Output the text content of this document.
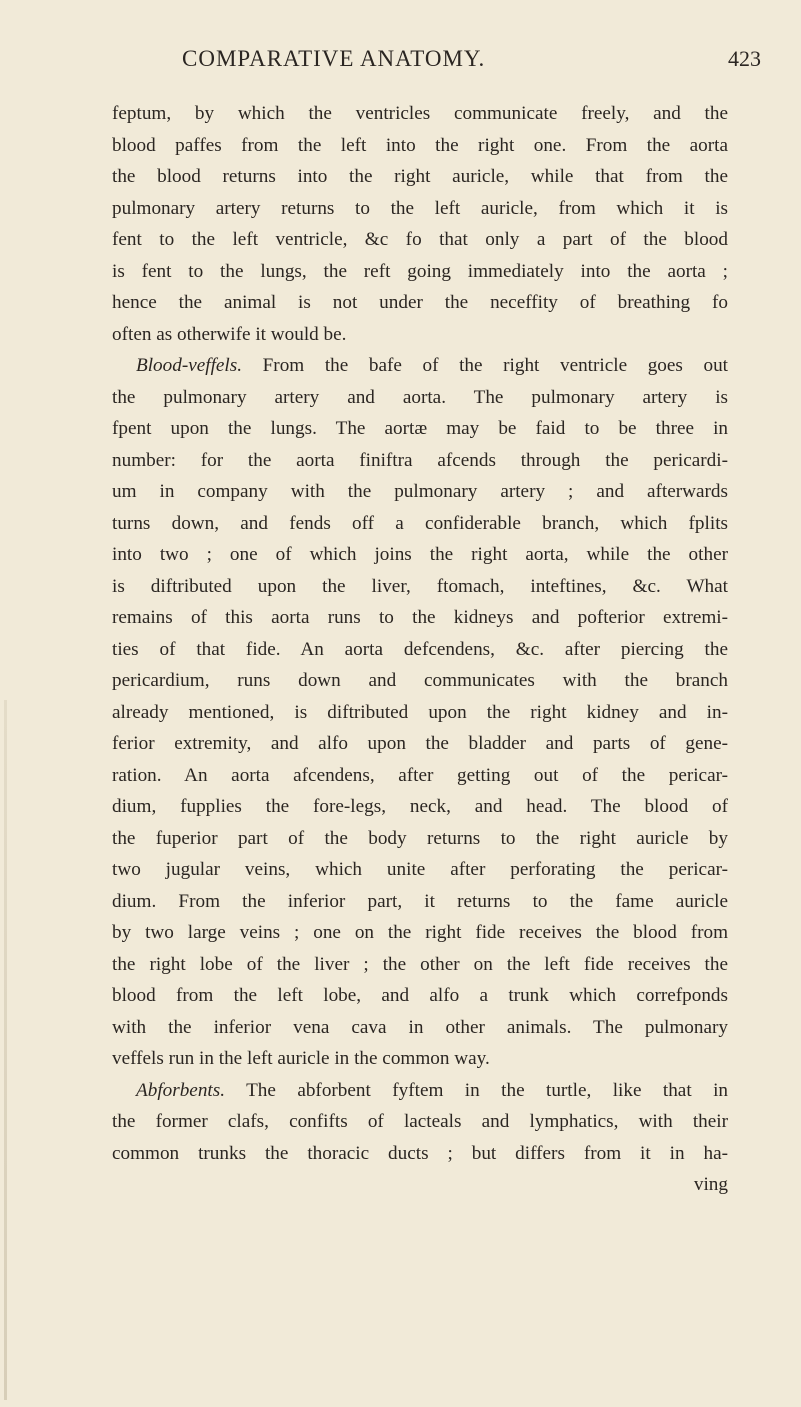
COMPARATIVE ANATOMY.	423
feptum, by which the ventricles communicate freely, and the
blood paffes from the left into the right one. From the aorta
the blood returns into the right auricle, while that from the
pulmonary artery returns to the left auricle, from which it is
fent to the left ventricle, &c fo that only a part of the blood
is fent to the lungs, the reft going immediately into the aorta ;
hence the animal is not under the neceffity of breathing fo
often as otherwife it would be.
Blood-veffels. From the bafe of the right ventricle goes out
the pulmonary artery and aorta. The pulmonary artery is
fpent upon the lungs. The aortæ may be faid to be three in
number: for the aorta finiftra afcends through the pericardi-
um in company with the pulmonary artery ; and afterwards
turns down, and fends off a confiderable branch, which fplits
into two ; one of which joins the right aorta, while the other
is diftributed upon the liver, ftomach, inteftines, &c. What
remains of this aorta runs to the kidneys and pofterior extremi-
ties of that fide. An aorta defcendens, &c. after piercing the
pericardium, runs down and communicates with the branch
already mentioned, is diftributed upon the right kidney and in-
ferior extremity, and alfo upon the bladder and parts of gene-
ration. An aorta afcendens, after getting out of the pericar-
dium, fupplies the fore-legs, neck, and head. The blood of
the fuperior part of the body returns to the right auricle by
two jugular veins, which unite after perforating the pericar-
dium. From the inferior part, it returns to the fame auricle
by two large veins ; one on the right fide receives the blood from
the right lobe of the liver ; the other on the left fide receives the
blood from the left lobe, and alfo a trunk which correfponds
with the inferior vena cava in other animals. The pulmonary
veffels run in the left auricle in the common way.
Abforbents. The abforbent fyftem in the turtle, like that in
the former clafs, confifts of lacteals and lymphatics, with their
common trunks the thoracic ducts ; but differs from it in ha-
ving
